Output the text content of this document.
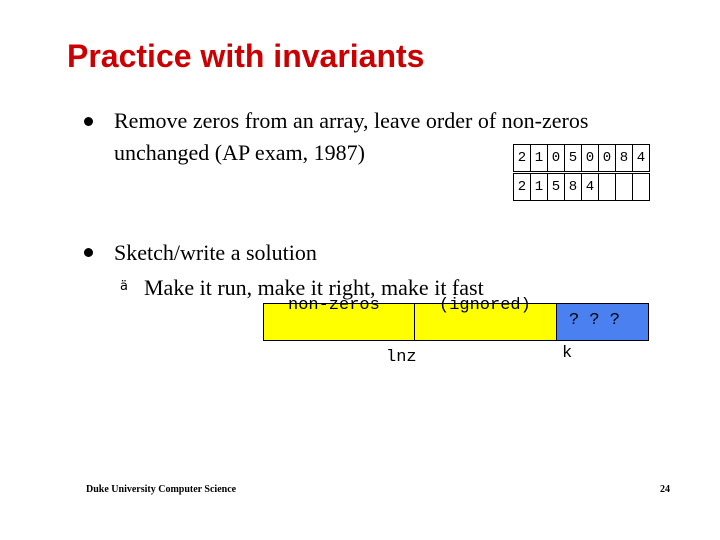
Practice with invariants
Remove zeros from an array, leave order of non-zeros
unchanged (AP exam, 1987)	2 1 0 5 0 0 8 4
2 1 5 8 4
Sketch/write a solution
ä Make it run, make it right, make it fast
non-zeros	(ignored)
? ? ?
lnz	k
Duke University Computer Science	24
